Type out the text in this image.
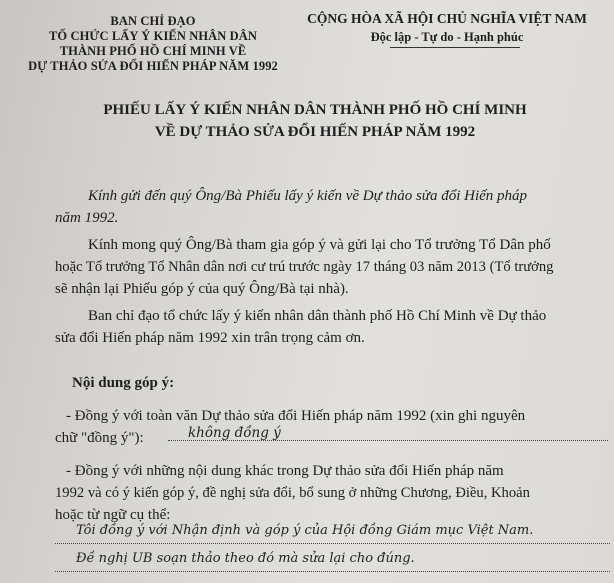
BAN CHỈ ĐẠO
TỔ CHỨC LẤY Ý KIẾN NHÂN DÂN
THÀNH PHỐ HỒ CHÍ MINH VỀ
DỰ THẢO SỬA ĐỔI HIẾN PHÁP NĂM 1992
CỘNG HÒA XÃ HỘI CHỦ NGHĨA VIỆT NAM
Độc lập - Tự do - Hạnh phúc
PHIẾU LẤY Ý KIẾN NHÂN DÂN THÀNH PHỐ HỒ CHÍ MINH
VỀ DỰ THẢO SỬA ĐỔI HIẾN PHÁP NĂM 1992
Kính gửi đến quý Ông/Bà Phiếu lấy ý kiến về Dự thảo sửa đổi Hiến pháp
năm 1992.
Kính mong quý Ông/Bà tham gia góp ý và gửi lại cho Tổ trưởng Tổ Dân phố
hoặc Tổ trưởng Tổ Nhân dân nơi cư trú trước ngày 17 tháng 03 năm 2013 (Tổ trưởng
sẽ nhận lại Phiếu góp ý của quý Ông/Bà tại nhà).
Ban chỉ đạo tổ chức lấy ý kiến nhân dân thành phố Hồ Chí Minh về Dự thảo
sửa đổi Hiến pháp năm 1992 xin trân trọng cảm ơn.
Nội dung góp ý:
- Đồng ý với toàn văn Dự thảo sửa đổi Hiến pháp năm 1992 (xin ghi nguyên
chữ "đồng ý"):	không đồng ý
- Đồng ý với những nội dung khác trong Dự thảo sửa đổi Hiến pháp năm
1992 và có ý kiến góp ý, đề nghị sửa đổi, bổ sung ở những Chương, Điều, Khoản
hoặc từ ngữ cụ thể:
Tôi đồng ý với Nhận định và góp ý của Hội đồng Giám mục Việt Nam.
Đề nghị UB soạn thảo theo đó mà sửa lại cho đúng.
